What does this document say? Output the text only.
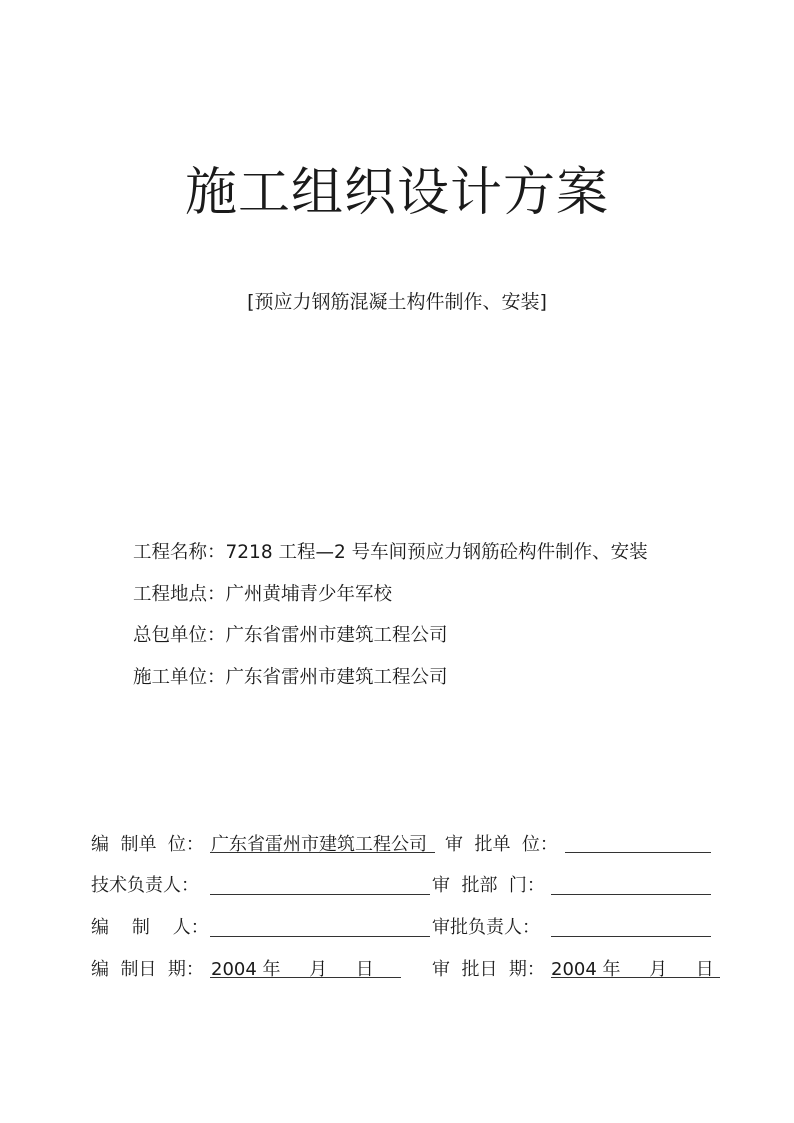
施工组织设计方案
[预应力钢筋混凝土构件制作、安装]
工程名称：7218 工程—2 号车间预应力钢筋砼构件制作、安装
工程地点：广州黄埔青少年军校
总包单位：广东省雷州市建筑工程公司
施工单位：广东省雷州市建筑工程公司
编  制单  位： 广东省雷州市建筑工程公司 审  批单  位：
技术负责人：	审  批部  门：
编    制    人：	审批负责人：
编  制日  期： 2004 年     月     日	审  批日  期： 2004 年     月     日
